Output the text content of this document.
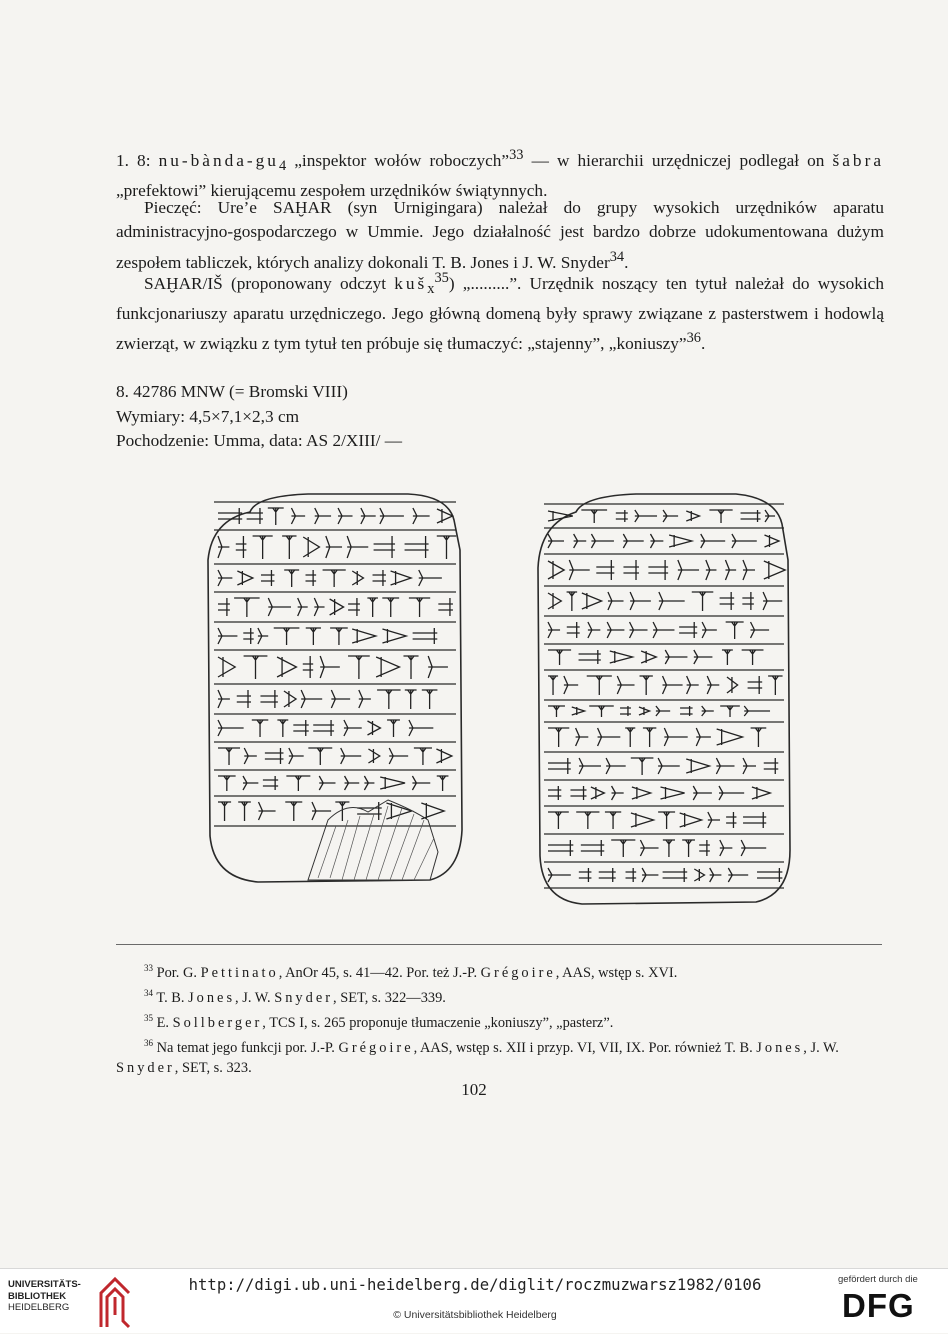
1. 8: $nu-bànda-gu_4$ „inspektor wołów roboczych”$^{33}$ — w hierarchii urzędniczej podlegał on šabra „prefektowi” kierującemu zespołem urzędników świątynnych.

Pieczęć: Ure’e SAḪAR (syn Urnigingara) należał do grupy wysokich urzędników aparatu administracyjno-gospodarczego w Ummie. Jego działalność jest bardzo dobrze udokumentowana dużym zespołem tabliczek, których analizy dokonali T. B. Jones i J. W. Snyder$^{34}$.

SAḪAR/IŠ (proponowany odczyt kuš$_x^{35}$) „.........”. Urzędnik noszący ten tytuł należał do wysokich funkcjonariuszy aparatu urzędniczego. Jego główną domeną były sprawy związane z pasterstwem i hodowlą zwierząt, w związku z tym tytuł ten próbuje się tłumaczyć: „stajenny”, „koniuszy”$^{36}$.

8. 42786 MNW (= Bromski VIII)
Wymiary: 4,5×7,1×2,3 cm
Pochodzenie: Umma, data: AS 2/XIII/ —

$^{33}$ Por. G. Pettinato, AnOr 45, s. 41—42. Por. też J.-P. Grégoire, AAS, wstęp s. XVI.

$^{34}$ T. B. Jones, J. W. Snyder, SET, s. 322—339.

$^{35}$ E. Sollberger, TCS I, s. 265 proponuje tłumaczenie „koniuszy”, „pasterz”.

$^{36}$ Na temat jego funkcji por. J.-P. Grégoire, AAS, wstęp s. XII i przyp. VI, VII, IX. Por. również T. B. Jones, J. W. Snyder, SET, s. 323.

102
UNIVERSITÄTS-
BIBLIOTHEK
HEIDELBERG
http://digi.ub.uni-heidelberg.de/diglit/roczmuzwarsz1982/0106
© Universitätsbibliothek Heidelberg
gefördert durch die
DFG
